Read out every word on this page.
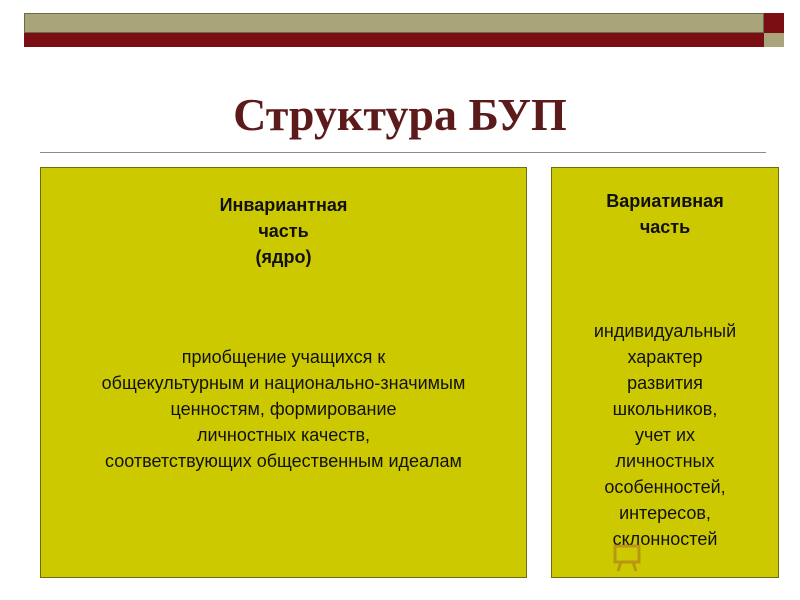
Структура БУП
Инвариантная
часть
(ядро)
приобщение учащихся к
общекультурным и национально-значимым
ценностям, формирование
личностных качеств,
соответствующих общественным идеалам
Вариативная
часть
индивидуальный
характер
развития
школьников,
учет их
личностных
особенностей,
интересов,
склонностей
